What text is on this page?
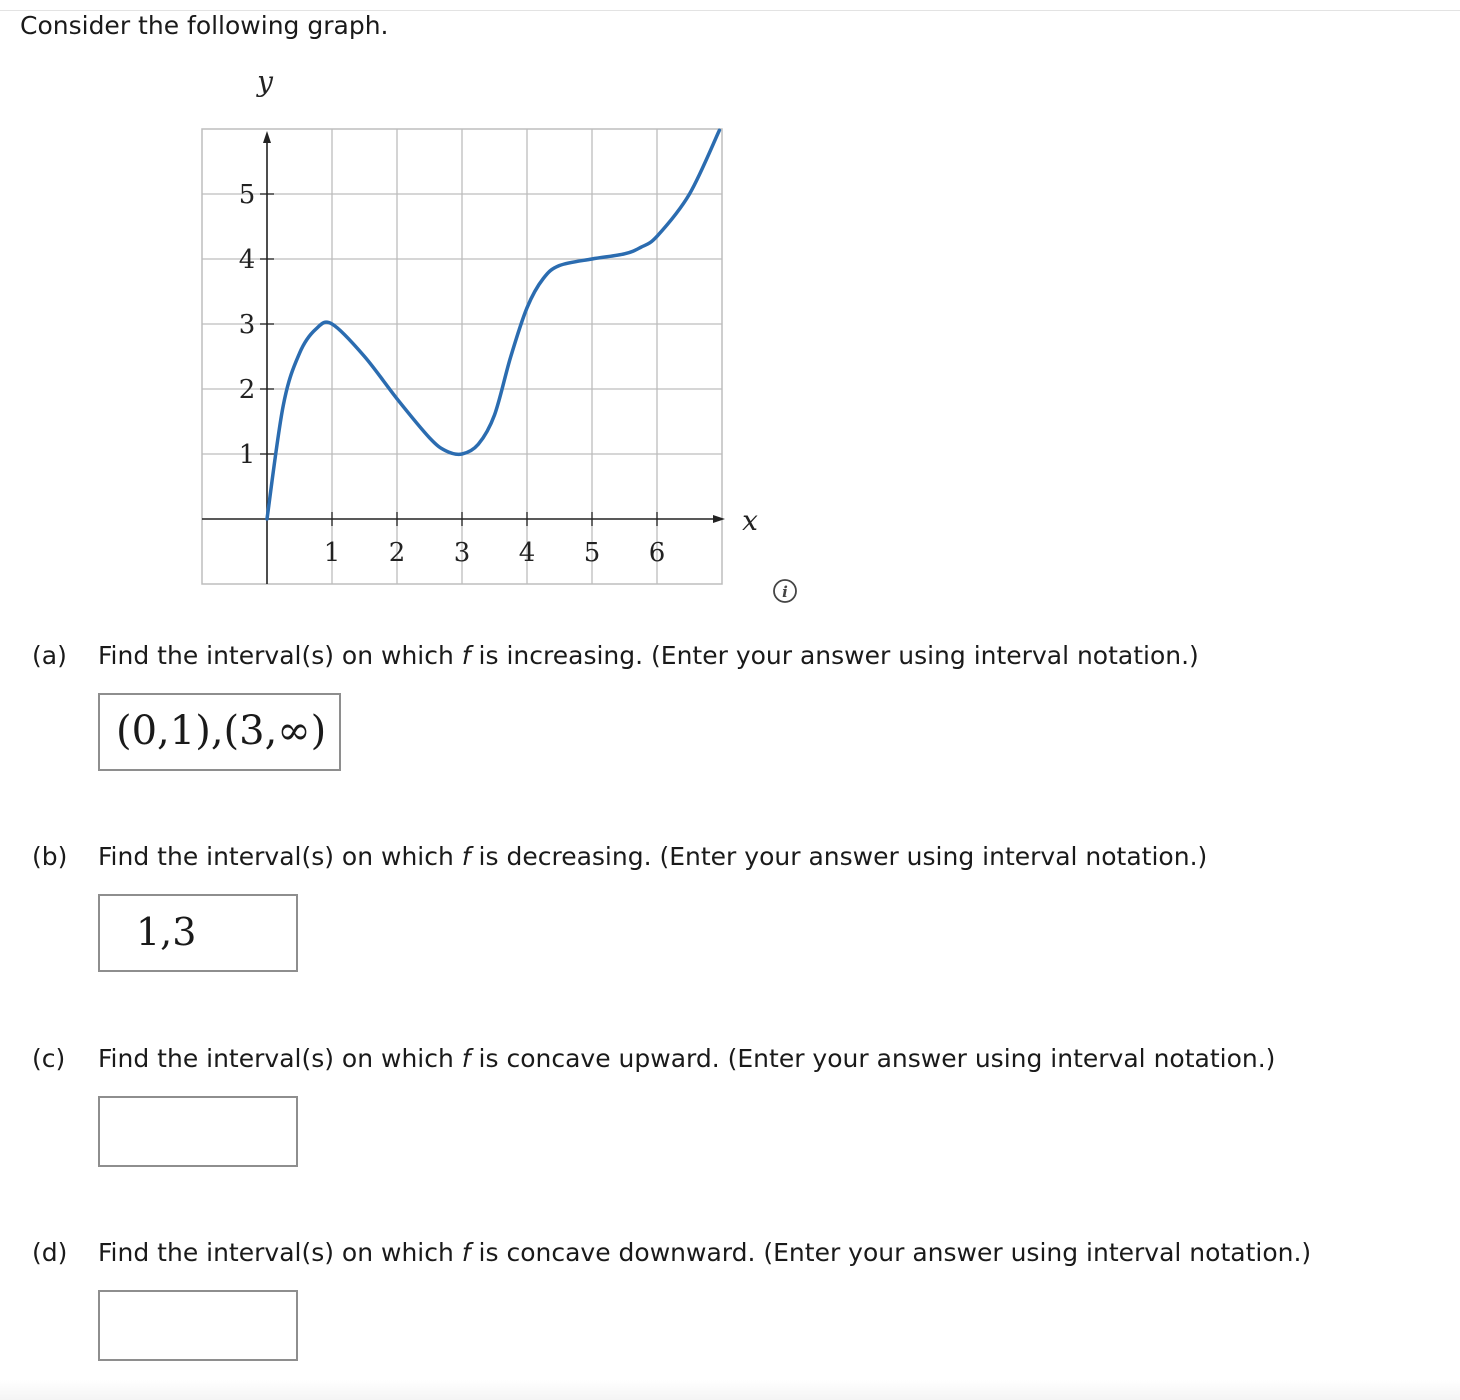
Consider the following graph.
1 2 3 4 5 6
1
2
3
4
5
x
y
i
(a) Find the interval(s) on which f is increasing. (Enter your answer using interval notation.)
(0,1),(3,∞)
(b) Find the interval(s) on which f is decreasing. (Enter your answer using interval notation.)
1,3
(c) Find the interval(s) on which f is concave upward. (Enter your answer using interval notation.)
(d) Find the interval(s) on which f is concave downward. (Enter your answer using interval notation.)
